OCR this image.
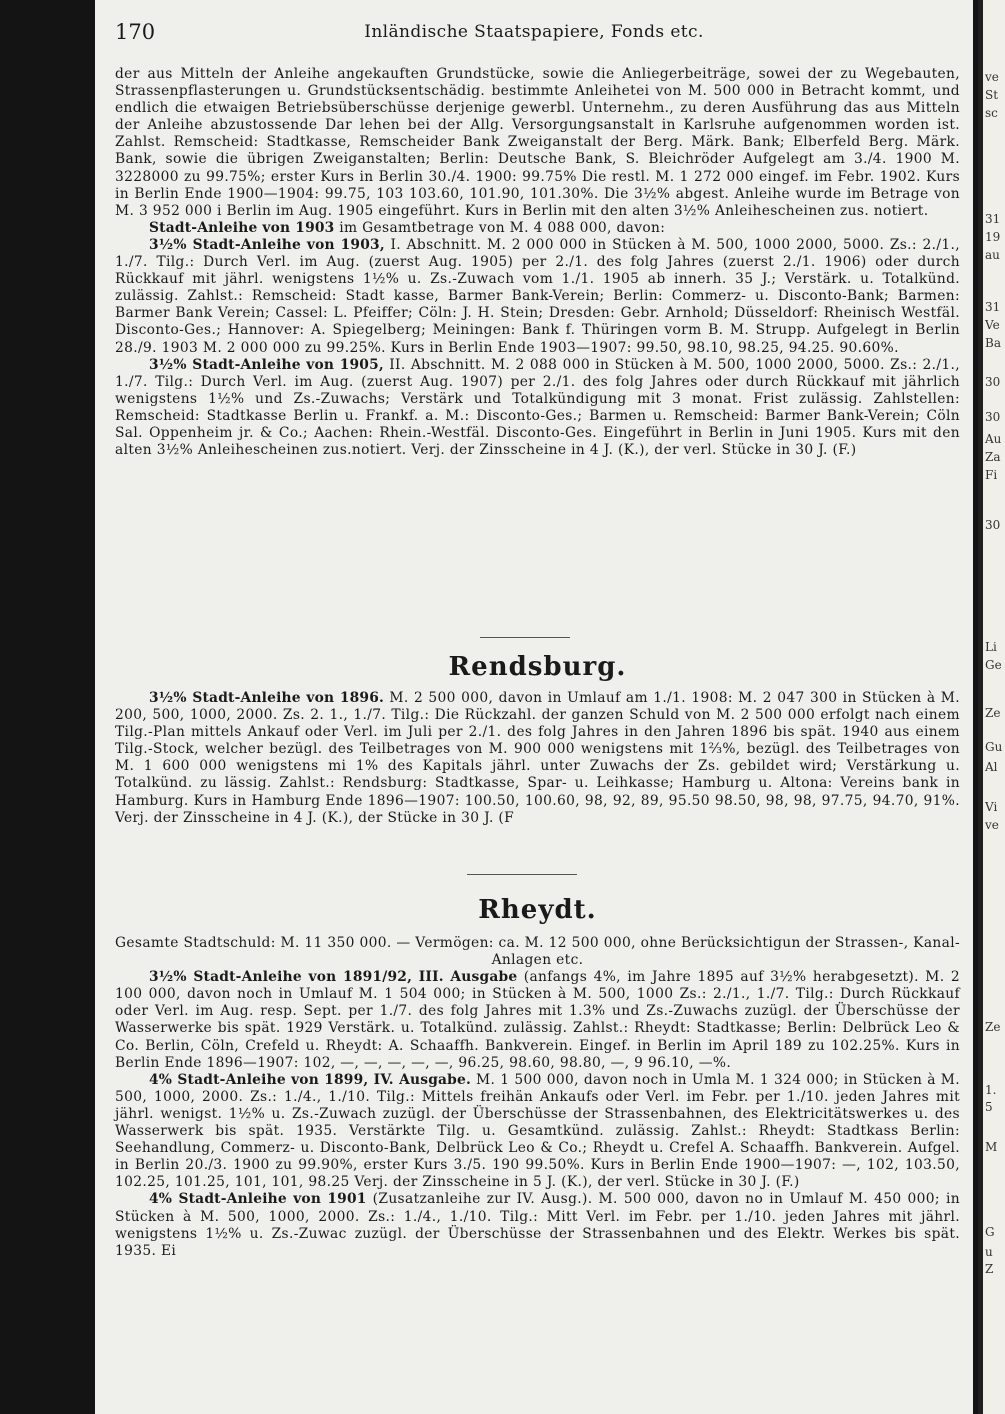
170	Inländische Staatspapiere, Fonds etc.

der aus Mitteln der Anleihe angekauften Grundstücke, sowie die Anliegerbeiträge, sowei der zu Wegebauten, Strassenpflasterungen u. Grundstücksentschädig. bestimmte Anleihetei von M. 500 000 in Betracht kommt, und endlich die etwaigen Betriebsüberschüsse derjenige gewerbl. Unternehm., zu deren Ausführung das aus Mitteln der Anleihe abzustossende Dar lehen bei der Allg. Versorgungsanstalt in Karlsruhe aufgenommen worden ist. Zahlst. Remscheid: Stadtkasse, Remscheider Bank Zweiganstalt der Berg. Märk. Bank; Elberfeld Berg. Märk. Bank, sowie die übrigen Zweiganstalten; Berlin: Deutsche Bank, S. Bleichröder Aufgelegt am 3./4. 1900 M. 3228000 zu 99.75%; erster Kurs in Berlin 30./4. 1900: 99.75% Die restl. M. 1 272 000 eingef. im Febr. 1902. Kurs in Berlin Ende 1900—1904: 99.75, 103 103.60, 101.90, 101.30%. Die 3½% abgest. Anleihe wurde im Betrage von M. 3 952 000 i Berlin im Aug. 1905 eingeführt. Kurs in Berlin mit den alten 3½% Anleihescheinen zus. notiert.

Stadt-Anleihe von 1903 im Gesamtbetrage von M. 4 088 000, davon:

3½% Stadt-Anleihe von 1903, I. Abschnitt. M. 2 000 000 in Stücken à M. 500, 1000 2000, 5000. Zs.: 2./1., 1./7. Tilg.: Durch Verl. im Aug. (zuerst Aug. 1905) per 2./1. des folg Jahres (zuerst 2./1. 1906) oder durch Rückkauf mit jährl. wenigstens 1½% u. Zs.-Zuwach vom 1./1. 1905 ab innerh. 35 J.; Verstärk. u. Totalkünd. zulässig. Zahlst.: Remscheid: Stadt kasse, Barmer Bank-Verein; Berlin: Commerz- u. Disconto-Bank; Barmen: Barmer Bank Verein; Cassel: L. Pfeiffer; Cöln: J. H. Stein; Dresden: Gebr. Arnhold; Düsseldorf: Rheinisch Westfäl. Disconto-Ges.; Hannover: A. Spiegelberg; Meiningen: Bank f. Thüringen vorm B. M. Strupp. Aufgelegt in Berlin 28./9. 1903 M. 2 000 000 zu 99.25%. Kurs in Berlin Ende 1903—1907: 99.50, 98.10, 98.25, 94.25. 90.60%.

3½% Stadt-Anleihe von 1905, II. Abschnitt. M. 2 088 000 in Stücken à M. 500, 1000 2000, 5000. Zs.: 2./1., 1./7. Tilg.: Durch Verl. im Aug. (zuerst Aug. 1907) per 2./1. des folg Jahres oder durch Rückkauf mit jährlich wenigstens 1½% und Zs.-Zuwachs; Verstärk und Totalkündigung mit 3 monat. Frist zulässig. Zahlstellen: Remscheid: Stadtkasse Berlin u. Frankf. a. M.: Disconto-Ges.; Barmen u. Remscheid: Barmer Bank-Verein; Cöln Sal. Oppenheim jr. & Co.; Aachen: Rhein.-Westfäl. Disconto-Ges. Eingeführt in Berlin in Juni 1905. Kurs mit den alten 3½% Anleihescheinen zus.notiert. Verj. der Zinsscheine in 4 J. (K.), der verl. Stücke in 30 J. (F.)

Rendsburg.

3½% Stadt-Anleihe von 1896. M. 2 500 000, davon in Umlauf am 1./1. 1908: M. 2 047 300 in Stücken à M. 200, 500, 1000, 2000. Zs. 2. 1., 1./7. Tilg.: Die Rückzahl. der ganzen Schuld von M. 2 500 000 erfolgt nach einem Tilg.-Plan mittels Ankauf oder Verl. im Juli per 2./1. des folg Jahres in den Jahren 1896 bis spät. 1940 aus einem Tilg.-Stock, welcher bezügl. des Teilbetrages von M. 900 000 wenigstens mit 1⅔%, bezügl. des Teilbetrages von M. 1 600 000 wenigstens mi 1% des Kapitals jährl. unter Zuwachs der Zs. gebildet wird; Verstärkung u. Totalkünd. zu lässig. Zahlst.: Rendsburg: Stadtkasse, Spar- u. Leihkasse; Hamburg u. Altona: Vereins bank in Hamburg. Kurs in Hamburg Ende 1896—1907: 100.50, 100.60, 98, 92, 89, 95.50 98.50, 98, 98, 97.75, 94.70, 91%. Verj. der Zinsscheine in 4 J. (K.), der Stücke in 30 J. (F

Rheydt.

Gesamte Stadtschuld: M. 11 350 000. — Vermögen: ca. M. 12 500 000, ohne Berücksichtigun der Strassen-, Kanal-Anlagen etc.

3½% Stadt-Anleihe von 1891/92, III. Ausgabe (anfangs 4%, im Jahre 1895 auf 3½% herabgesetzt). M. 2 100 000, davon noch in Umlauf M. 1 504 000; in Stücken à M. 500, 1000 Zs.: 2./1., 1./7. Tilg.: Durch Rückkauf oder Verl. im Aug. resp. Sept. per 1./7. des folg Jahres mit 1.3% und Zs.-Zuwachs zuzügl. der Überschüsse der Wasserwerke bis spät. 1929 Verstärk. u. Totalkünd. zulässig. Zahlst.: Rheydt: Stadtkasse; Berlin: Delbrück Leo & Co. Berlin, Cöln, Crefeld u. Rheydt: A. Schaaffh. Bankverein. Eingef. in Berlin im April 189 zu 102.25%. Kurs in Berlin Ende 1896—1907: 102, —, —, —, —, —, 96.25, 98.60, 98.80, —, 9 96.10, —%.

4% Stadt-Anleihe von 1899, IV. Ausgabe. M. 1 500 000, davon noch in Umla M. 1 324 000; in Stücken à M. 500, 1000, 2000. Zs.: 1./4., 1./10. Tilg.: Mittels freihän Ankaufs oder Verl. im Febr. per 1./10. jeden Jahres mit jährl. wenigst. 1½% u. Zs.-Zuwach zuzügl. der Überschüsse der Strassenbahnen, des Elektricitätswerkes u. des Wasserwerk bis spät. 1935. Verstärkte Tilg. u. Gesamtkünd. zulässig. Zahlst.: Rheydt: Stadtkass Berlin: Seehandlung, Commerz- u. Disconto-Bank, Delbrück Leo & Co.; Rheydt u. Crefel A. Schaaffh. Bankverein. Aufgel. in Berlin 20./3. 1900 zu 99.90%, erster Kurs 3./5. 190 99.50%. Kurs in Berlin Ende 1900—1907: —, 102, 103.50, 102.25, 101.25, 101, 101, 98.25 Verj. der Zinsscheine in 5 J. (K.), der verl. Stücke in 30 J. (F.)

4% Stadt-Anleihe von 1901 (Zusatzanleihe zur IV. Ausg.). M. 500 000, davon no in Umlauf M. 450 000; in Stücken à M. 500, 1000, 2000. Zs.: 1./4., 1./10. Tilg.: Mitt Verl. im Febr. per 1./10. jeden Jahres mit jährl. wenigstens 1½% u. Zs.-Zuwac zuzügl. der Überschüsse der Strassenbahnen und des Elektr. Werkes bis spät. 1935. Ei

ve
St
sc
31
19
au
31
Ve
Ba
30
30
Au
Za
Fi
30
Li
Ge
Ze
Gu
Al
Vi
ve
Ze
1.
5
M
G
u
Z
